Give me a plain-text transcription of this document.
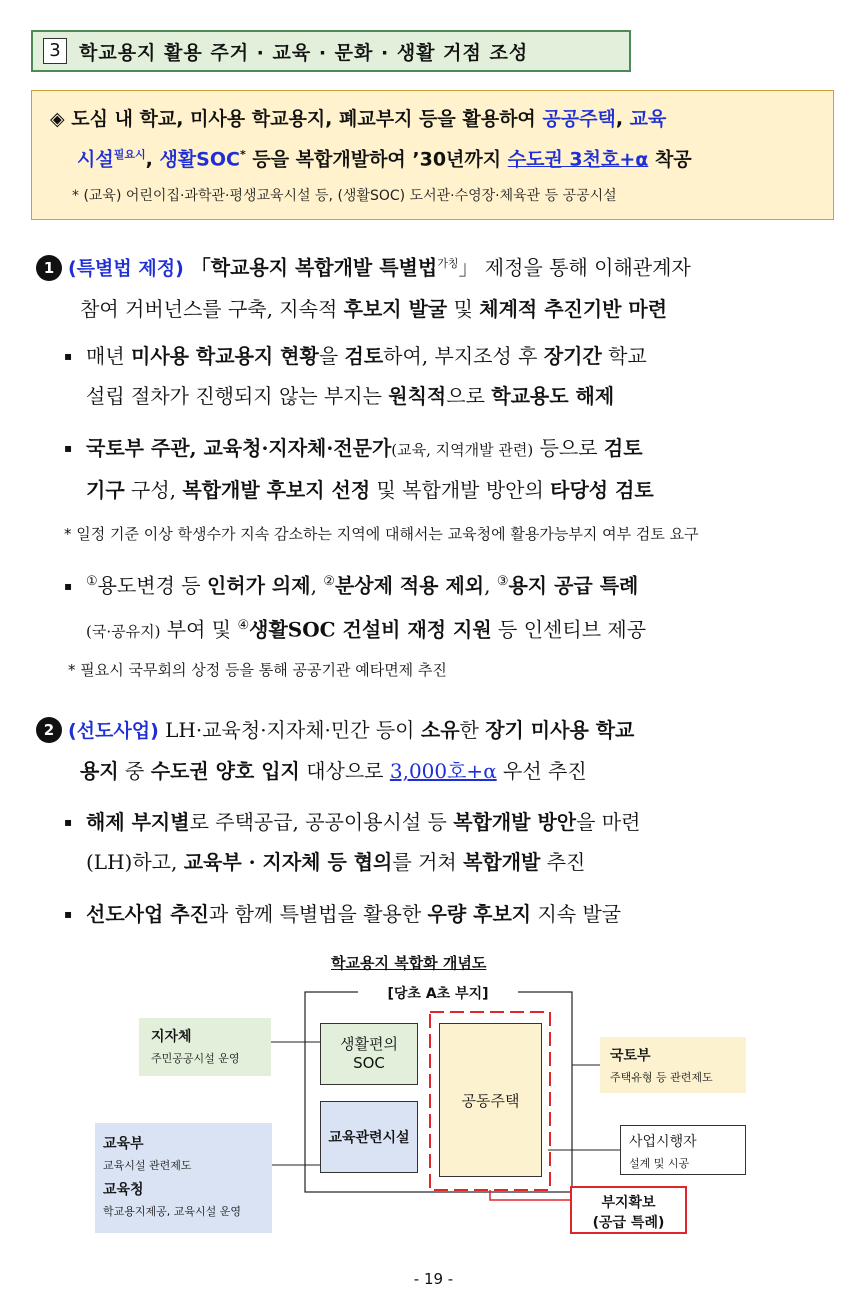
3 학교용지 활용 주거 · 교육 · 문화 · 생활 거점 조성
◈ 도심 내 학교, 미사용 학교용지, 폐교부지 등을 활용하여 공공주택, 교육
시설$^{필요시}$, 생활SOC* 등을 복합개발하여 ’30년까지 수도권 3천호+α 착공
* (교육) 어린이집·과학관·평생교육시설 등, (생활SOC) 도서관·수영장·체육관 등 공공시설
1 (특별법 제정) 「학교용지 복합개발 특별법$^{가칭}$」 제정을 통해 이해관계자
참여 거버넌스를 구축, 지속적 후보지 발굴 및 체계적 추진기반 마련
▪ 매년 미사용 학교용지 현황을 검토하여, 부지조성 후 장기간 학교
설립 절차가 진행되지 않는 부지는 원칙적으로 학교용도 해제
▪ 국토부 주관, 교육청·지자체·전문가(교육, 지역개발 관련) 등으로 검토
기구 구성, 복합개발 후보지 선정 및 복합개발 방안의 타당성 검토
* 일정 기준 이상 학생수가 지속 감소하는 지역에 대해서는 교육청에 활용가능부지 여부 검토 요구
▪ ①용도변경 등 인허가 의제, ②분상제 적용 제외, ③용지 공급 특례
(국·공유지) 부여 및 ④생활SOC 건설비 재정 지원 등 인센티브 제공
* 필요시 국무회의 상정 등을 통해 공공기관 예타면제 추진
2 (선도사업) LH·교육청·지자체·민간 등이 소유한 장기 미사용 학교
용지 중 수도권 양호 입지 대상으로 3,000호+α 우선 추진
▪ 해제 부지별로 주택공급, 공공이용시설 등 복합개발 방안을 마련
(LH)하고, 교육부 · 지자체 등 협의를 거쳐 복합개발 추진
▪ 선도사업 추진과 함께 특별법을 활용한 우량 후보지 지속 발굴
학교용지 복합화 개념도
[당초 A초 부지]
지자체
주민공공시설 운영
생활편의
SOC
공동주택
교육관련시설
국토부
주택유형 등 관련제도
교육부
교육시설 관련제도
교육청
학교용지제공, 교육시설 운영
사업시행자
설계 및 시공
부지확보
(공급 특례)
- 19 -
